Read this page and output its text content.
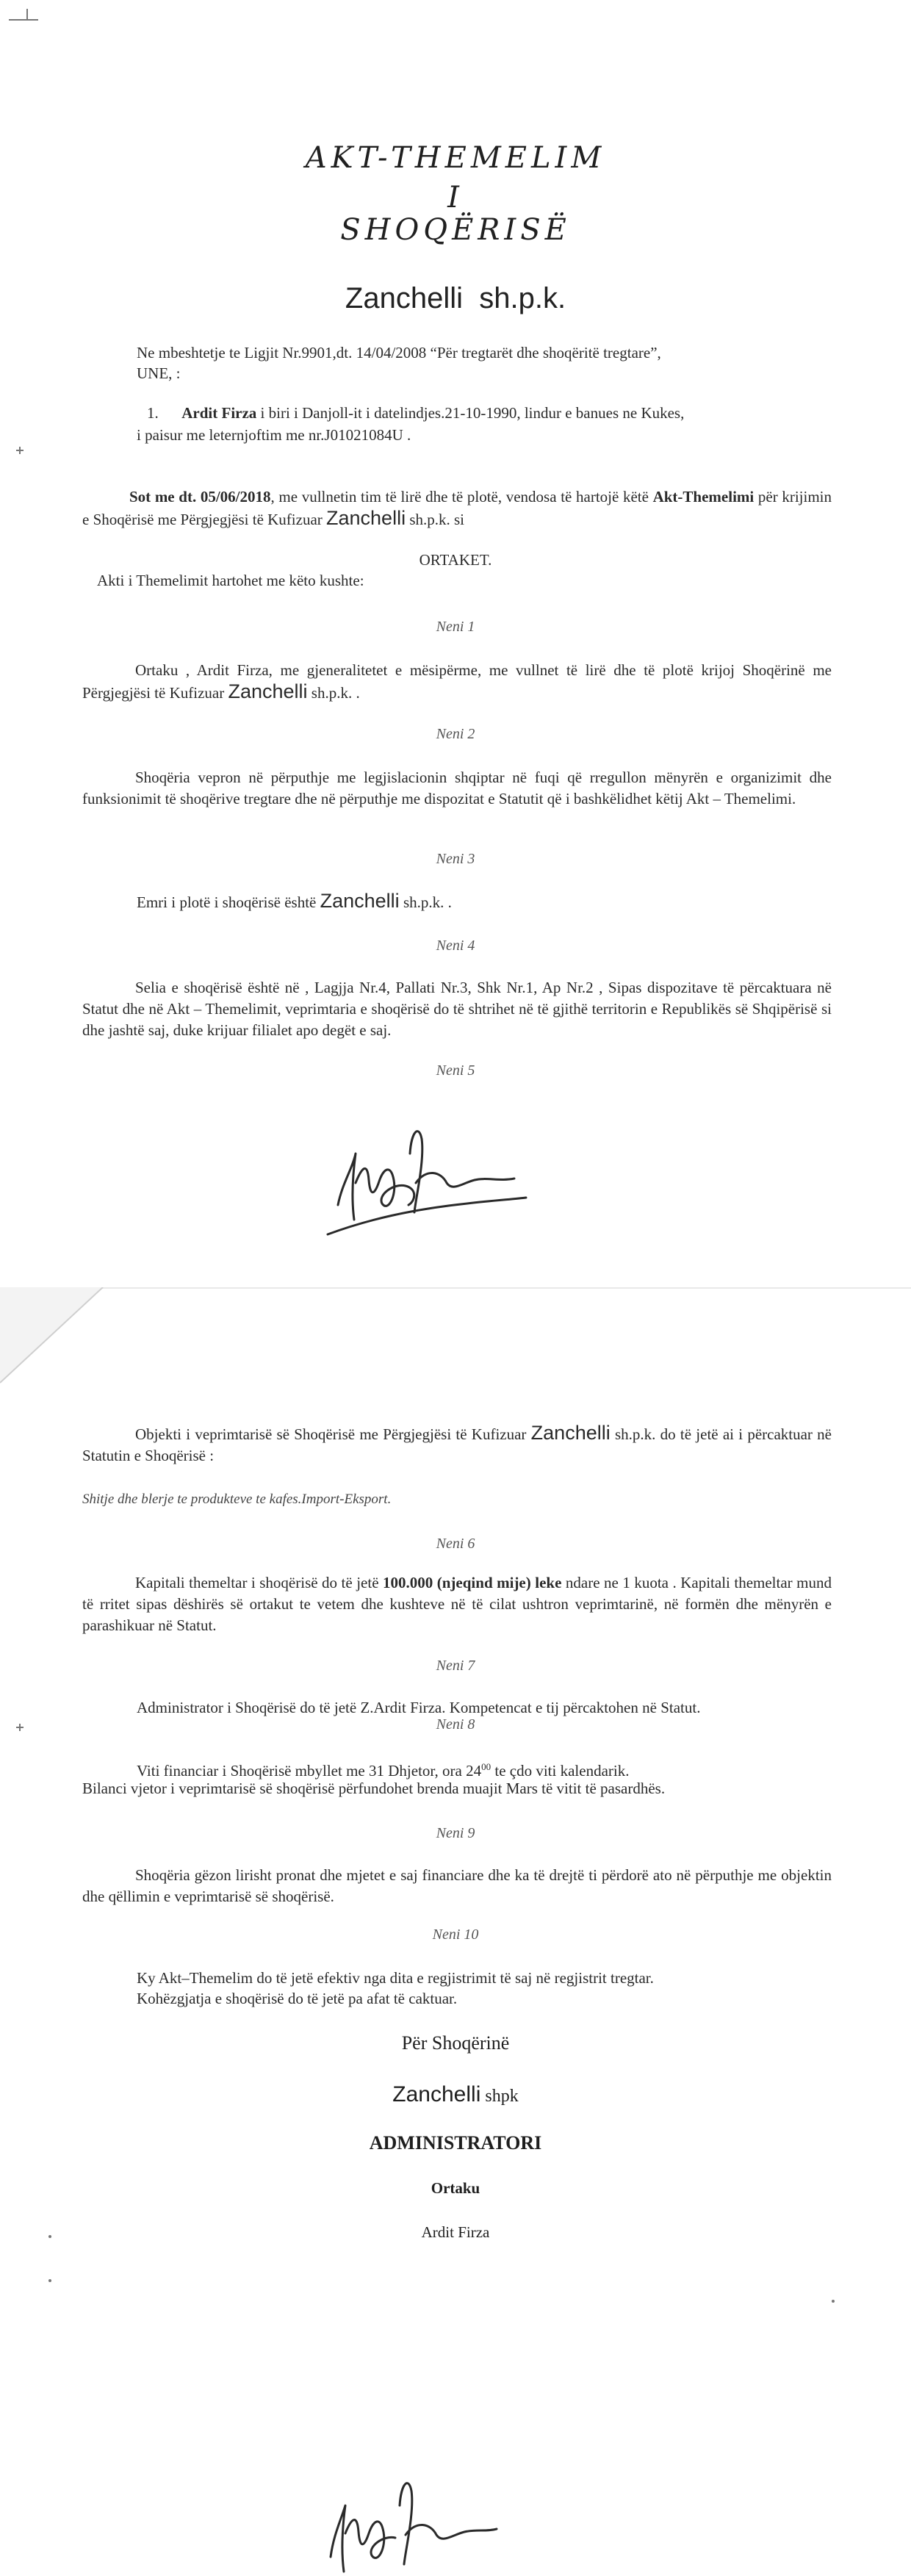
AKT-THEMELIM
I
SHOQËRISË
Zanchelli sh.p.k.
Ne mbeshtetje te Ligjit Nr.9901,dt. 14/04/2008 “Për tregtarët dhe shoqëritë tregtare”,
UNE, :
1. Ardit Firza i biri i Danjoll-it i datelindjes.21-10-1990, lindur e banues ne Kukes,
i paisur me leternjoftim me nr.J01021084U .
Sot me dt. 05/06/2018, me vullnetin tim të lirë dhe të plotë, vendosa të hartojë këtë Akt-Themelimi për krijimin e Shoqërisë me Përgjegjësi të Kufizuar Zanchelli sh.p.k. si
ORTAKET.
Akti i Themelimit hartohet me këto kushte:
Neni 1
Ortaku , Ardit Firza, me gjeneralitetet e mësipërme, me vullnet të lirë dhe të plotë krijoj Shoqërinë me Përgjegjësi të Kufizuar Zanchelli sh.p.k. .
Neni 2
Shoqëria vepron në përputhje me legjislacionin shqiptar në fuqi që rregullon mënyrën e organizimit dhe funksionimit të shoqërive tregtare dhe në përputhje me dispozitat e Statutit që i bashkëlidhet këtij Akt – Themelimi.
Neni 3
Emri i plotë i shoqërisë është Zanchelli sh.p.k. .
Neni 4
Selia e shoqërisë është në , Lagjja Nr.4, Pallati Nr.3, Shk Nr.1, Ap Nr.2 , Sipas dispozitave të përcaktuara në Statut dhe në Akt – Themelimit, veprimtaria e shoqërisë do të shtrihet në të gjithë territorin e Republikës së Shqipërisë si dhe jashtë saj, duke krijuar filialet apo degët e saj.
Neni 5
Objekti i veprimtarisë së Shoqërisë me Përgjegjësi të Kufizuar Zanchelli sh.p.k. do të jetë ai i përcaktuar në Statutin e Shoqërisë :
Shitje dhe blerje te produkteve te kafes.Import-Eksport.
Neni 6
Kapitali themeltar i shoqërisë do të jetë 100.000 (njeqind mije) leke ndare ne 1 kuota . Kapitali themeltar mund të rritet sipas dëshirës së ortakut te vetem dhe kushteve në të cilat ushtron veprimtarinë, në formën dhe mënyrën e parashikuar në Statut.
Neni 7
Administrator i Shoqërisë do të jetë Z.Ardit Firza. Kompetencat e tij përcaktohen në Statut.
Neni 8
Viti financiar i Shoqërisë mbyllet me 31 Dhjetor, ora $24^{00}$ te çdo viti kalendarik.
Bilanci vjetor i veprimtarisë së shoqërisë përfundohet brenda muajit Mars të vitit të pasardhës.
Neni 9
Shoqëria gëzon lirisht pronat dhe mjetet e saj financiare dhe ka të drejtë ti përdorë ato në përputhje me objektin dhe qëllimin e veprimtarisë së shoqërisë.
Neni 10
Ky Akt–Themelim do të jetë efektiv nga dita e regjistrimit të saj në regjistrit tregtar.
Kohëzgjatja e shoqërisë do të jetë pa afat të caktuar.
Për Shoqërinë
Zanchelli shpk
ADMINISTRATORI
Ortaku
Ardit Firza
